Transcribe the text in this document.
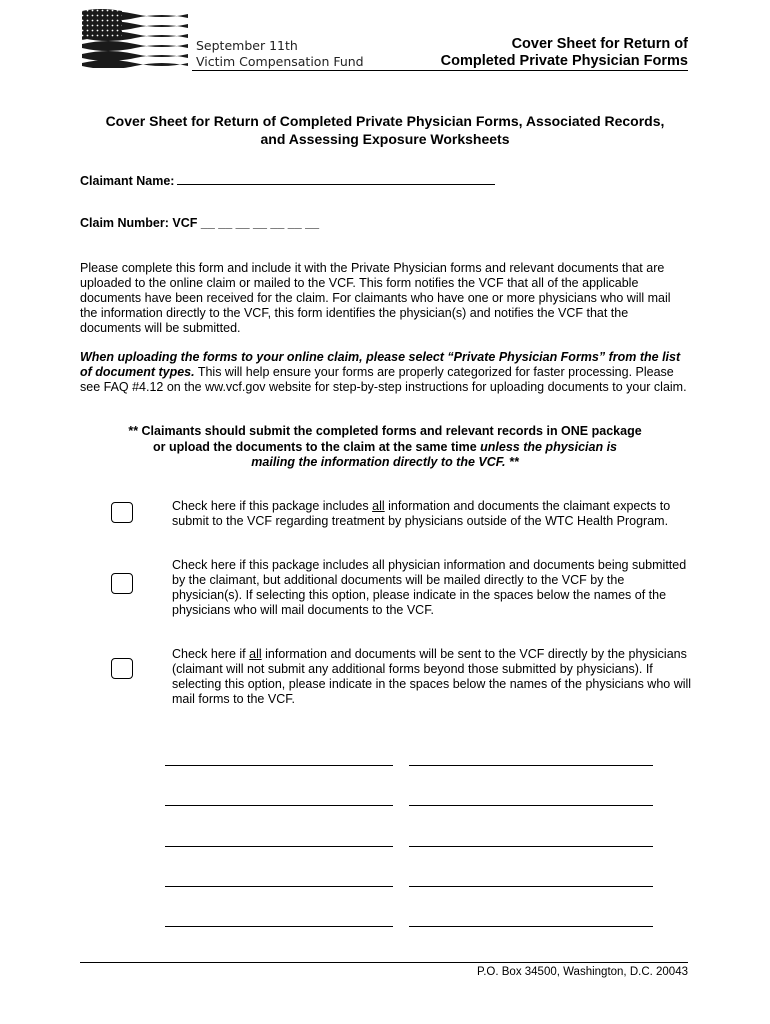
September 11th
Victim Compensation Fund
Cover Sheet for Return of
Completed Private Physician Forms
Cover Sheet for Return of Completed Private Physician Forms, Associated Records,
and Assessing Exposure Worksheets
Claimant Name:
Claim Number: VCF __ __ __ __ __ __ __
Please complete this form and include it with the Private Physician forms and relevant documents that are uploaded to the online claim or mailed to the VCF. This form notifies the VCF that all of the applicable documents have been received for the claim. For claimants who have one or more physicians who will mail the information directly to the VCF, this form identifies the physician(s) and notifies the VCF that the documents will be submitted.
When uploading the forms to your online claim, please select “Private Physician Forms” from the list of document types. This will help ensure your forms are properly categorized for faster processing. Please see FAQ #4.12 on the ww.vcf.gov website for step-by-step instructions for uploading documents to your claim.
** Claimants should submit the completed forms and relevant records in ONE package
or upload the documents to the claim at the same time unless the physician is
mailing the information directly to the VCF. **
Check here if this package includes all information and documents the claimant expects to submit to the VCF regarding treatment by physicians outside of the WTC Health Program.
Check here if this package includes all physician information and documents being submitted by the claimant, but additional documents will be mailed directly to the VCF by the physician(s). If selecting this option, please indicate in the spaces below the names of the physicians who will mail documents to the VCF.
Check here if all information and documents will be sent to the VCF directly by the physicians (claimant will not submit any additional forms beyond those submitted by physicians). If selecting this option, please indicate in the spaces below the names of the physicians who will mail forms to the VCF.
P.O. Box 34500, Washington, D.C. 20043
